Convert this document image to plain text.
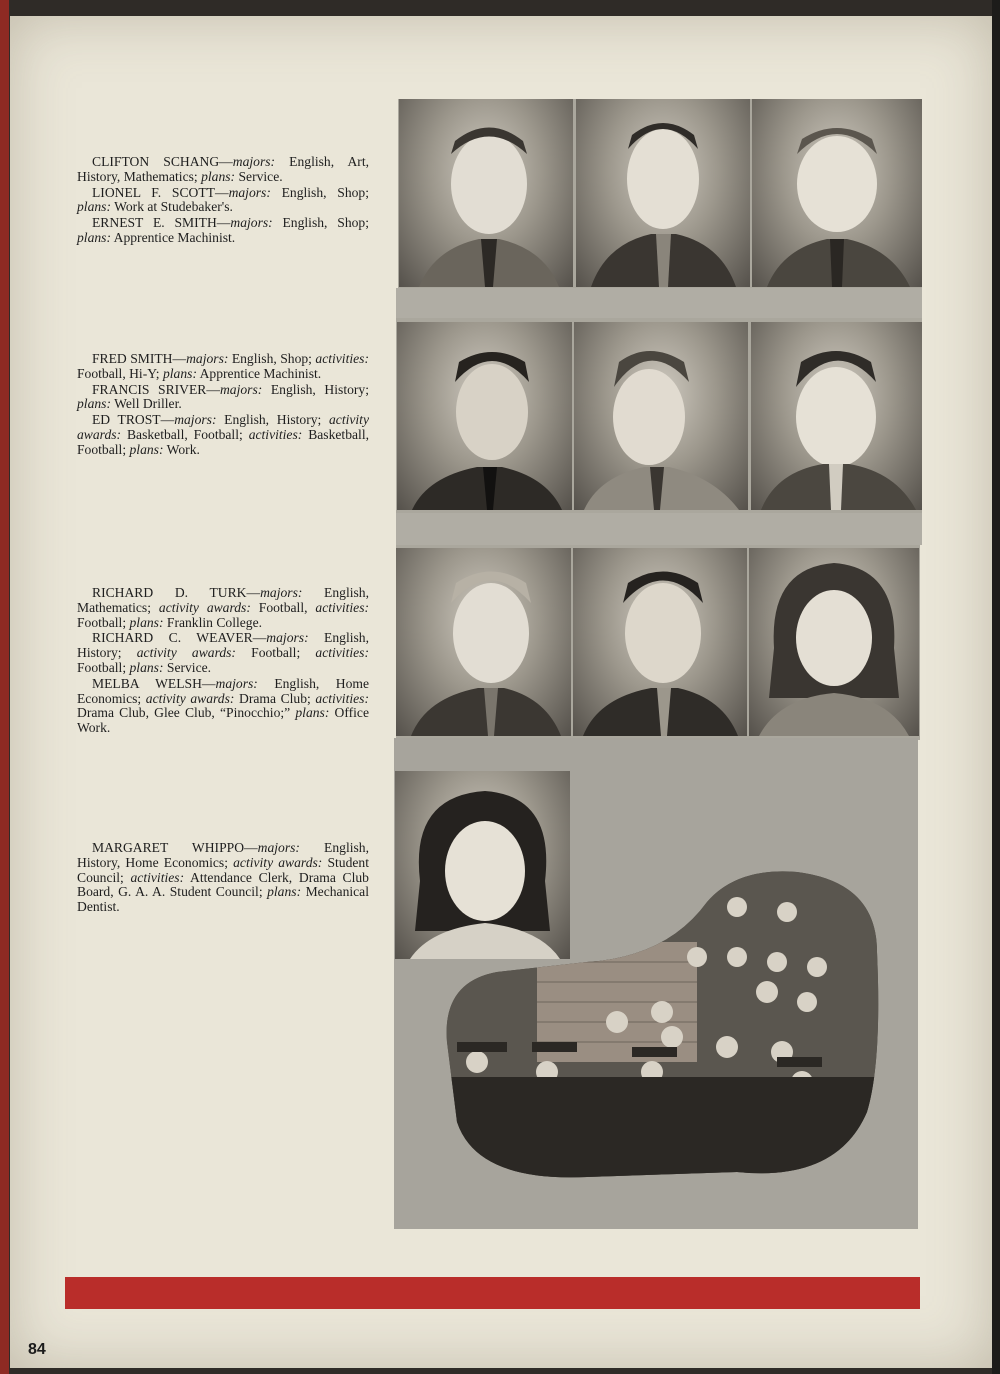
CLIFTON SCHANG—majors: English, Art, History, Mathematics; plans: Service.

LIONEL F. SCOTT—majors: English, Shop; plans: Work at Studebaker's.

ERNEST E. SMITH—majors: English, Shop; plans: Apprentice Machinist.

FRED SMITH—majors: English, Shop; activities: Football, Hi-Y; plans: Apprentice Machinist.

FRANCIS SRIVER—majors: English, History; plans: Well Driller.

ED TROST—majors: English, History; activity awards: Basketball, Football; activities: Basketball, Football; plans: Work.

RICHARD D. TURK—majors: English, Mathematics; activity awards: Football, activities: Football; plans: Franklin College.

RICHARD C. WEAVER—majors: English, History; activity awards: Football; activities: Football; plans: Service.

MELBA WELSH—majors: English, Home Economics; activity awards: Drama Club; activities: Drama Club, Glee Club, “Pinocchio;” plans: Office Work.

MARGARET WHIPPO—majors: English, History, Home Economics; activity awards: Student Council; activities: Attendance Clerk, Drama Club Board, G. A. A. Student Council; plans: Mechanical Dentist.

84
